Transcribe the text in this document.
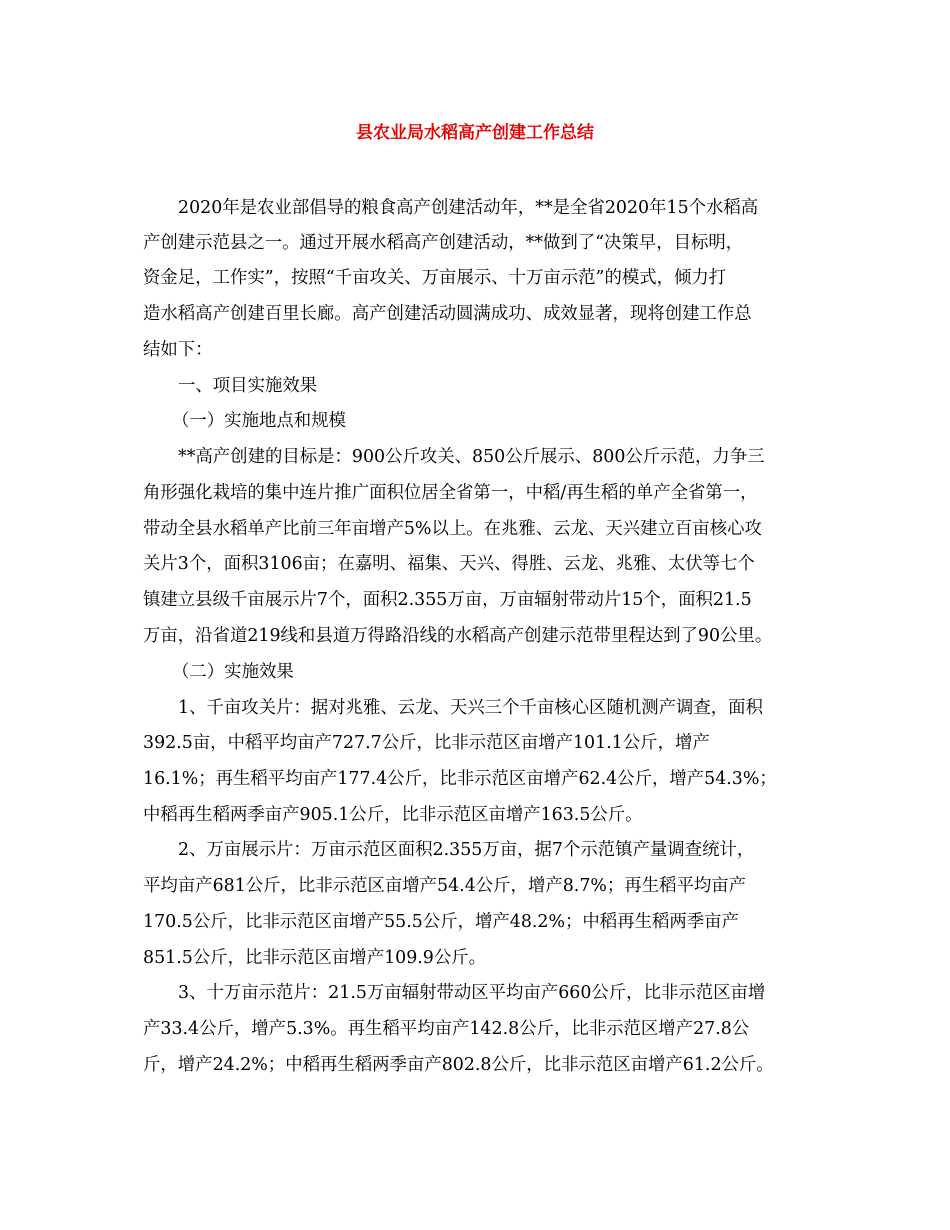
县农业局水稻高产创建工作总结
2020年是农业部倡导的粮食高产创建活动年，**是全省2020年15个水稻高
产创建示范县之一。通过开展水稻高产创建活动，**做到了“决策早，目标明，
资金足，工作实”，按照“千亩攻关、万亩展示、十万亩示范”的模式，倾力打
造水稻高产创建百里长廊。高产创建活动圆满成功、成效显著，现将创建工作总
结如下：
一、项目实施效果
（一）实施地点和规模
**高产创建的目标是：900公斤攻关、850公斤展示、800公斤示范，力争三
角形强化栽培的集中连片推广面积位居全省第一，中稻/再生稻的单产全省第一，
带动全县水稻单产比前三年亩增产5%以上。在兆雅、云龙、天兴建立百亩核心攻
关片3个，面积3106亩；在嘉明、福集、天兴、得胜、云龙、兆雅、太伏等七个
镇建立县级千亩展示片7个，面积2.355万亩，万亩辐射带动片15个，面积21.5
万亩，沿省道219线和县道万得路沿线的水稻高产创建示范带里程达到了90公里。
（二）实施效果
1、千亩攻关片：据对兆雅、云龙、天兴三个千亩核心区随机测产调查，面积
392.5亩，中稻平均亩产727.7公斤，比非示范区亩增产101.1公斤，增产
16.1%；再生稻平均亩产177.4公斤，比非示范区亩增产62.4公斤，增产54.3%；
中稻再生稻两季亩产905.1公斤，比非示范区亩增产163.5公斤。
2、万亩展示片：万亩示范区面积2.355万亩，据7个示范镇产量调查统计，
平均亩产681公斤，比非示范区亩增产54.4公斤，增产8.7%；再生稻平均亩产
170.5公斤，比非示范区亩增产55.5公斤，增产48.2%；中稻再生稻两季亩产
851.5公斤，比非示范区亩增产109.9公斤。
3、十万亩示范片：21.5万亩辐射带动区平均亩产660公斤，比非示范区亩增
产33.4公斤，增产5.3%。再生稻平均亩产142.8公斤，比非示范区增产27.8公
斤，增产24.2%；中稻再生稻两季亩产802.8公斤，比非示范区亩增产61.2公斤。
